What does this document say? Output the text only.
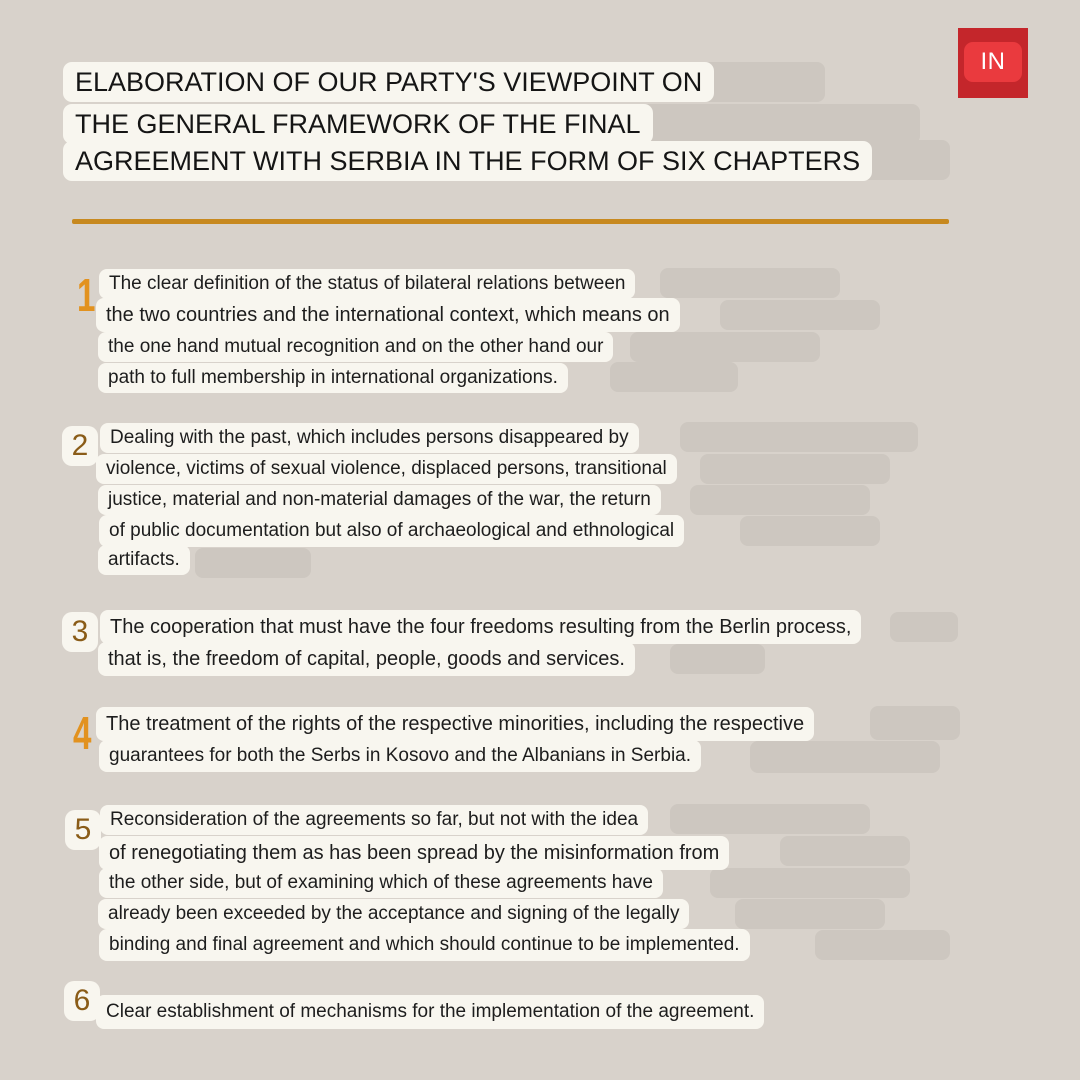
IN
ELABORATION OF OUR PARTY'S VIEWPOINT ON
THE GENERAL FRAMEWORK OF THE FINAL
AGREEMENT WITH SERBIA IN THE FORM OF SIX CHAPTERS
1 The clear definition of the status of bilateral relations between
the two countries and the international context, which means on
the one hand mutual recognition and on the other hand our
path to full membership in international organizations.
2	Dealing with the past, which includes persons disappeared by
violence, victims of sexual violence, displaced persons, transitional
justice, material and non-material damages of the war, the return
of public documentation but also of archaeological and ethnological
artifacts.
3	The cooperation that must have the four freedoms resulting from the Berlin process,
that is, the freedom of capital, people, goods and services.
4 The treatment of the rights of the respective minorities, including the respective
guarantees for both the Serbs in Kosovo and the Albanians in Serbia.
5 Reconsideration of the agreements so far, but not with the idea
of renegotiating them as has been spread by the misinformation from
the other side, but of examining which of these agreements have
already been exceeded by the acceptance and signing of the legally
binding and final agreement and which should continue to be implemented.
6 Clear establishment of mechanisms for the implementation of the agreement.
